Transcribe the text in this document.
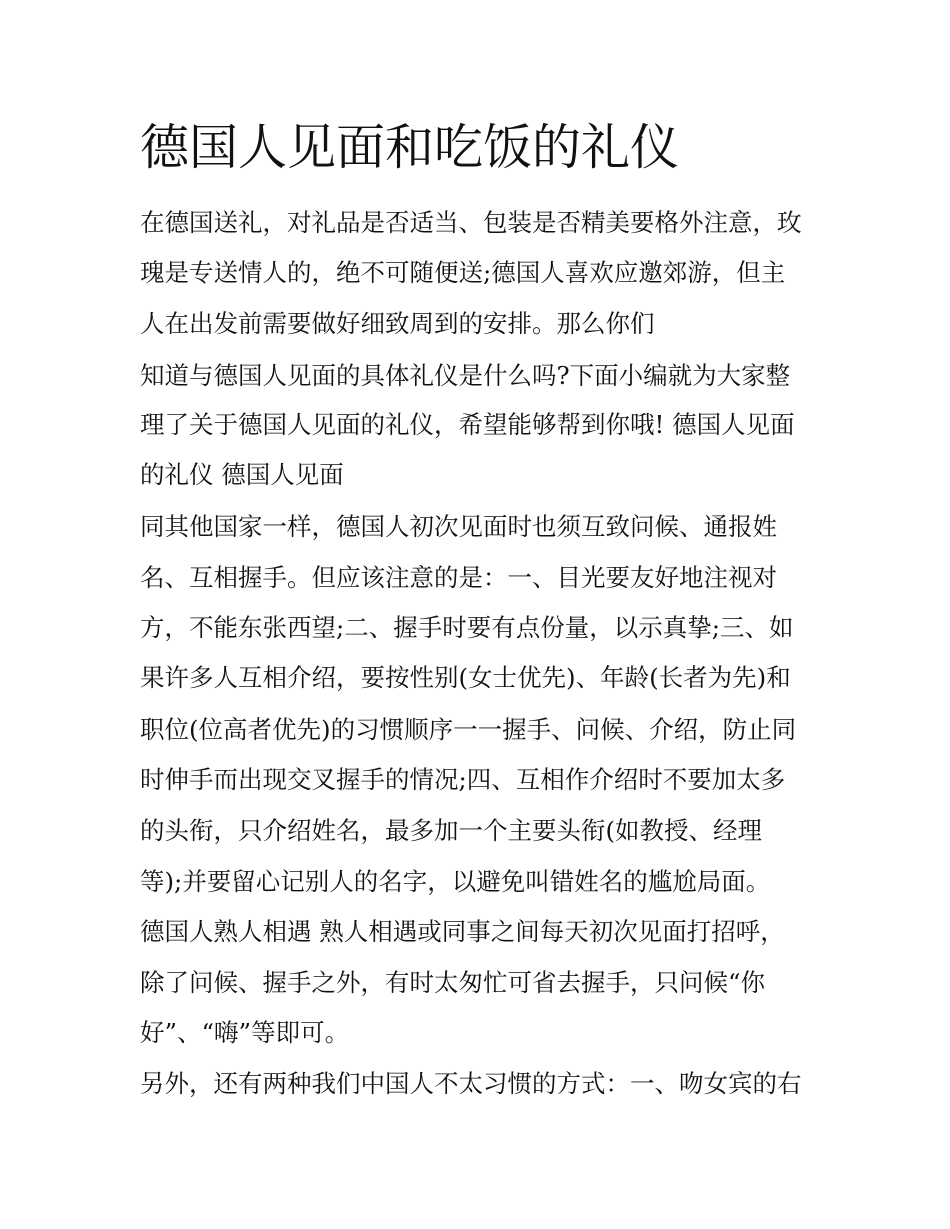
德国人见面和吃饭的礼仪

在德国送礼，对礼品是否适当、包装是否精美要格外注意，玫

瑰是专送情人的，绝不可随便送;德国人喜欢应邀郊游，但主

人在出发前需要做好细致周到的安排。那么你们

知道与德国人见面的具体礼仪是什么吗?下面小编就为大家整

理了关于德国人见面的礼仪，希望能够帮到你哦! 德国人见面

的礼仪 德国人见面

同其他国家一样，德国人初次见面时也须互致问候、通报姓

名、互相握手。但应该注意的是：一、目光要友好地注视对

方，不能东张西望;二、握手时要有点份量，以示真挚;三、如

果许多人互相介绍，要按性别(女士优先)、年龄(长者为先)和

职位(位高者优先)的习惯顺序一一握手、问候、介绍，防止同

时伸手而出现交叉握手的情况;四、互相作介绍时不要加太多

的头衔，只介绍姓名，最多加一个主要头衔(如教授、经理

等);并要留心记别人的名字，以避免叫错姓名的尴尬局面。

德国人熟人相遇 熟人相遇或同事之间每天初次见面打招呼，

除了问候、握手之外，有时太匆忙可省去握手，只问候“你

好”、“嗨”等即可。

另外，还有两种我们中国人不太习惯的方式：一、吻女宾的右
